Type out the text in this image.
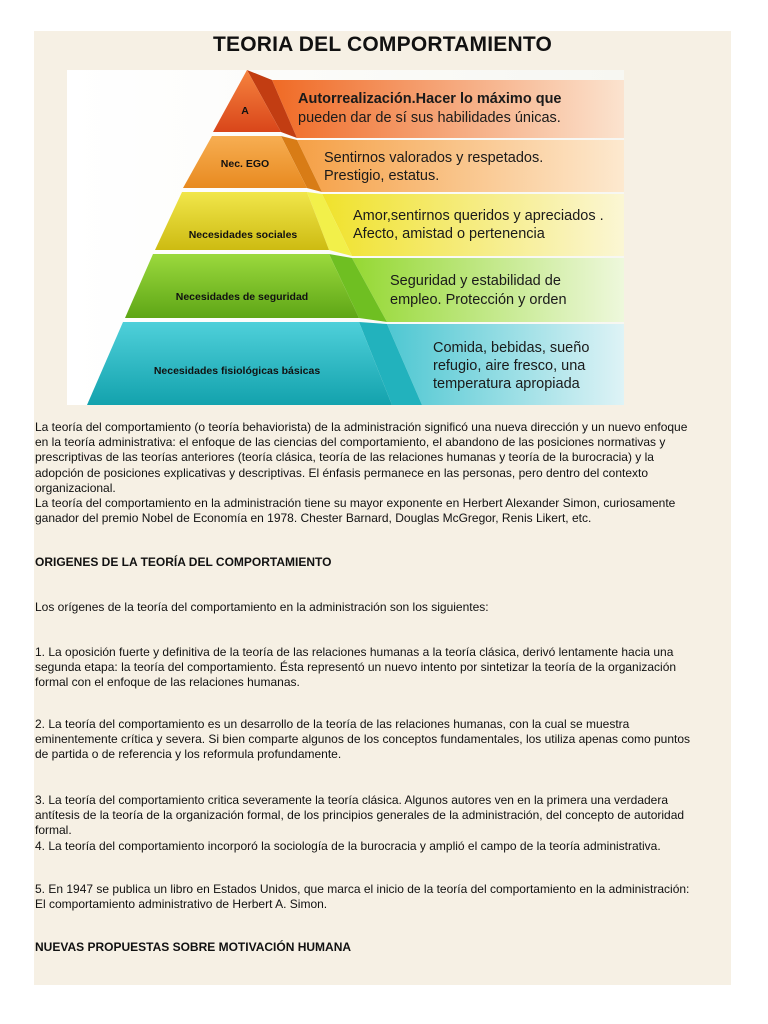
TEORIA DEL COMPORTAMIENTO
A
Nec. EGO
Necesidades sociales
Necesidades de seguridad
Necesidades fisiológicas básicas
Autorrealización.Hacer lo máximo que
pueden dar de sí sus habilidades únicas.
Sentirnos valorados y respetados.
Prestigio, estatus.
Amor,sentirnos queridos y apreciados .
Afecto, amistad o pertenencia
Seguridad y estabilidad de
empleo. Protección y orden
Comida, bebidas, sueño
refugio, aire fresco, una
temperatura apropiada
La teoría del comportamiento (o teoría behaviorista) de la administración significó una nueva dirección y un nuevo enfoque
en la teoría administrativa: el enfoque de las ciencias del comportamiento, el abandono de las posiciones normativas y
prescriptivas de las teorías anteriores (teoría clásica, teoría de las relaciones humanas y teoría de la burocracia) y la
adopción de posiciones explicativas y descriptivas. El énfasis permanece en las personas, pero dentro del contexto
organizacional.
La teoría del comportamiento en la administración tiene su mayor exponente en Herbert Alexander Simon, curiosamente
ganador del premio Nobel de Economía en 1978. Chester Barnard, Douglas McGregor, Renis Likert, etc.
ORIGENES DE LA TEORÍA DEL COMPORTAMIENTO
Los orígenes de la teoría del comportamiento en la administración son los siguientes:
1. La oposición fuerte y definitiva de la teoría de las relaciones humanas a la teoría clásica, derivó lentamente hacia una
segunda etapa: la teoría del comportamiento. Ésta representó un nuevo intento por sintetizar la teoría de la organización
formal con el enfoque de las relaciones humanas.
2. La teoría del comportamiento es un desarrollo de la teoría de las relaciones humanas, con la cual se muestra
eminentemente crítica y severa. Si bien comparte algunos de los conceptos fundamentales, los utiliza apenas como puntos
de partida o de referencia y los reformula profundamente.
3. La teoría del comportamiento critica severamente la teoría clásica. Algunos autores ven en la primera una verdadera
antítesis de la teoría de la organización formal, de los principios generales de la administración, del concepto de autoridad
formal.
4. La teoría del comportamiento incorporó la sociología de la burocracia y amplió el campo de la teoría administrativa.
5. En 1947 se publica un libro en Estados Unidos, que marca el inicio de la teoría del comportamiento en la administración:
El comportamiento administrativo de Herbert A. Simon.
NUEVAS PROPUESTAS SOBRE MOTIVACIÓN HUMANA
